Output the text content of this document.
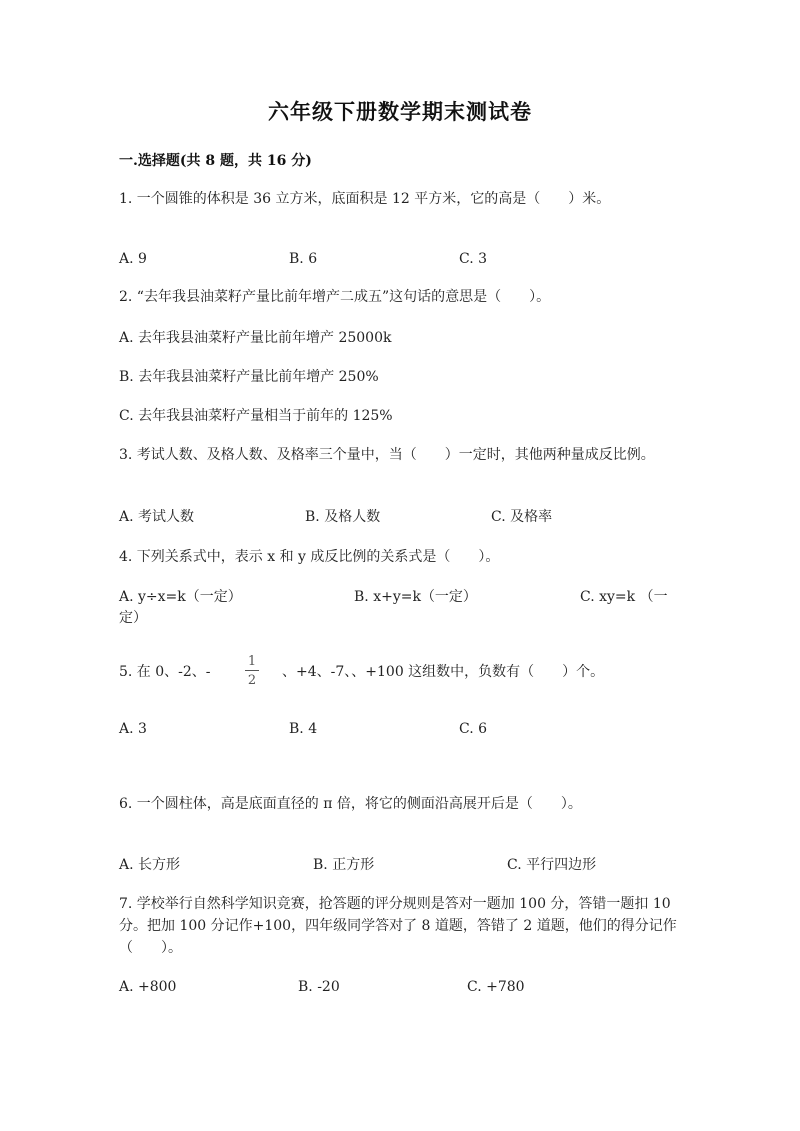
六年级下册数学期末测试卷
一.选择题(共 8 题，共 16 分)
1. 一个圆锥的体积是 36 立方米，底面积是 12 平方米，它的高是（　　）米。
A. 9	B. 6	C. 3
2. “去年我县油菜籽产量比前年增产二成五”这句话的意思是（　　）。
A. 去年我县油菜籽产量比前年增产 25000k
B. 去年我县油菜籽产量比前年增产 250%
C. 去年我县油菜籽产量相当于前年的 125%
3. 考试人数、及格人数、及格率三个量中，当（　　）一定时，其他两种量成反比例。
A. 考试人数	B. 及格人数	C. 及格率
4. 下列关系式中，表示 x 和 y 成反比例的关系式是（　　）。
A. y÷x=k（一定）	B. x+y=k（一定）	C. xy=k （一
定）
5. 在 0、-2、-
1
2
、+4、-7、、+100 这组数中，负数有（　　）个。
A. 3	B. 4	C. 6
6. 一个圆柱体，高是底面直径的 π 倍，将它的侧面沿高展开后是（　　）。
A. 长方形	B. 正方形	C. 平行四边形
7. 学校举行自然科学知识竞赛，抢答题的评分规则是答对一题加 100 分，答错一题扣 10 分。把加 100 分记作+100，四年级同学答对了 8 道题，答错了 2 道题，他们的得分记作（　　）。
A. +800	B. -20	C. +780
